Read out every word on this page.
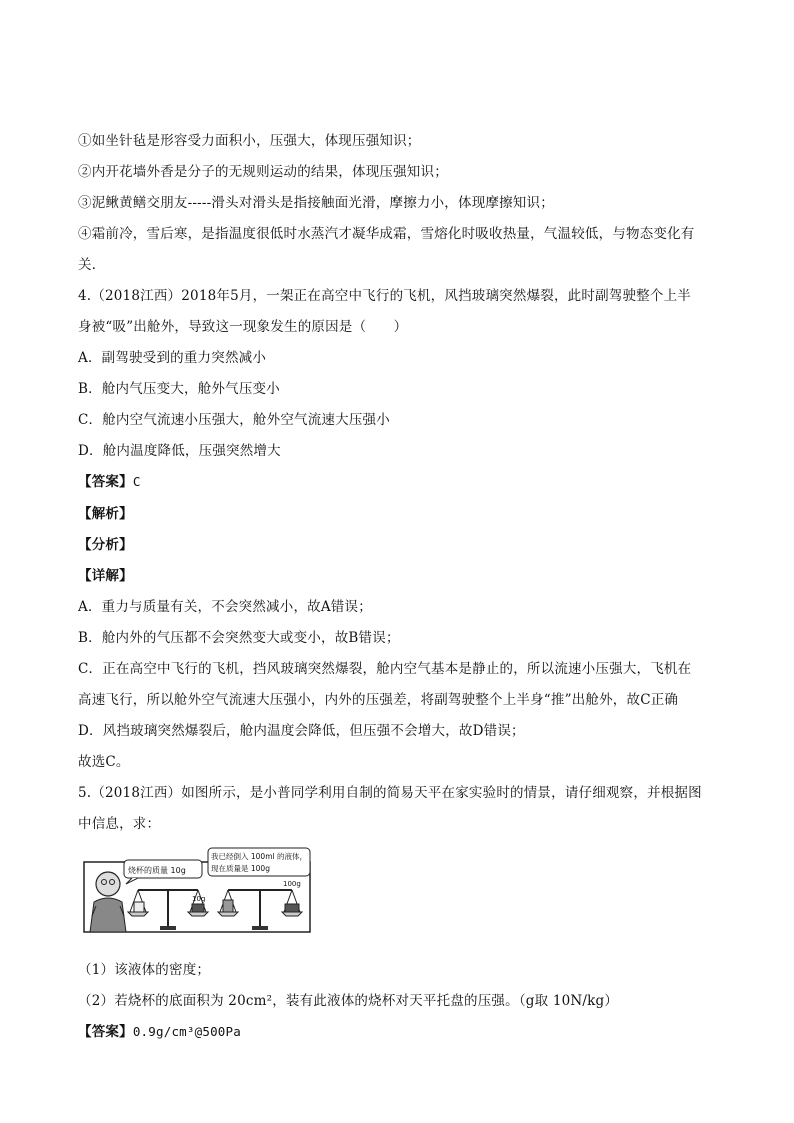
①如坐针毡是形容受力面积小，压强大，体现压强知识；
②内开花墙外香是分子的无规则运动的结果，体现压强知识；
③泥鳅黄鳝交朋友-----滑头对滑头是指接触面光滑，摩擦力小，体现摩擦知识；
④霜前冷，雪后寒，是指温度很低时水蒸汽才凝华成霜，雪熔化时吸收热量，气温较低，与物态变化有
关．
4.（2018江西）2018年5月，一架正在高空中飞行的飞机，风挡玻璃突然爆裂，此时副驾驶整个上半
身被“吸”出舱外，导致这一现象发生的原因是（　　）
A．副驾驶受到的重力突然减小
B．舱内气压变大，舱外气压变小
C．舱内空气流速小压强大，舱外空气流速大压强小
D．舱内温度降低，压强突然增大
【答案】C
【解析】
【分析】
【详解】
A．重力与质量有关，不会突然减小，故A错误；
B．舱内外的气压都不会突然变大或变小，故B错误；
C．正在高空中飞行的飞机，挡风玻璃突然爆裂，舱内空气基本是静止的，所以流速小压强大，飞机在
高速飞行，所以舱外空气流速大压强小，内外的压强差，将副驾驶整个上半身“推”出舱外，故C正确
D．风挡玻璃突然爆裂后，舱内温度会降低，但压强不会增大，故D错误；
故选C。
5.（2018江西）如图所示，是小普同学利用自制的简易天平在家实验时的情景，请仔细观察，并根据图
中信息，求：
烧杯的质量 10g
10g
我已经倒入 100ml 的液体，
现在质量是 100g
100g
（1）该液体的密度；
（2）若烧杯的底面积为 20cm²，装有此液体的烧杯对天平托盘的压强。（g取 10N/kg）
【答案】0.9g/cm³@500Pa
